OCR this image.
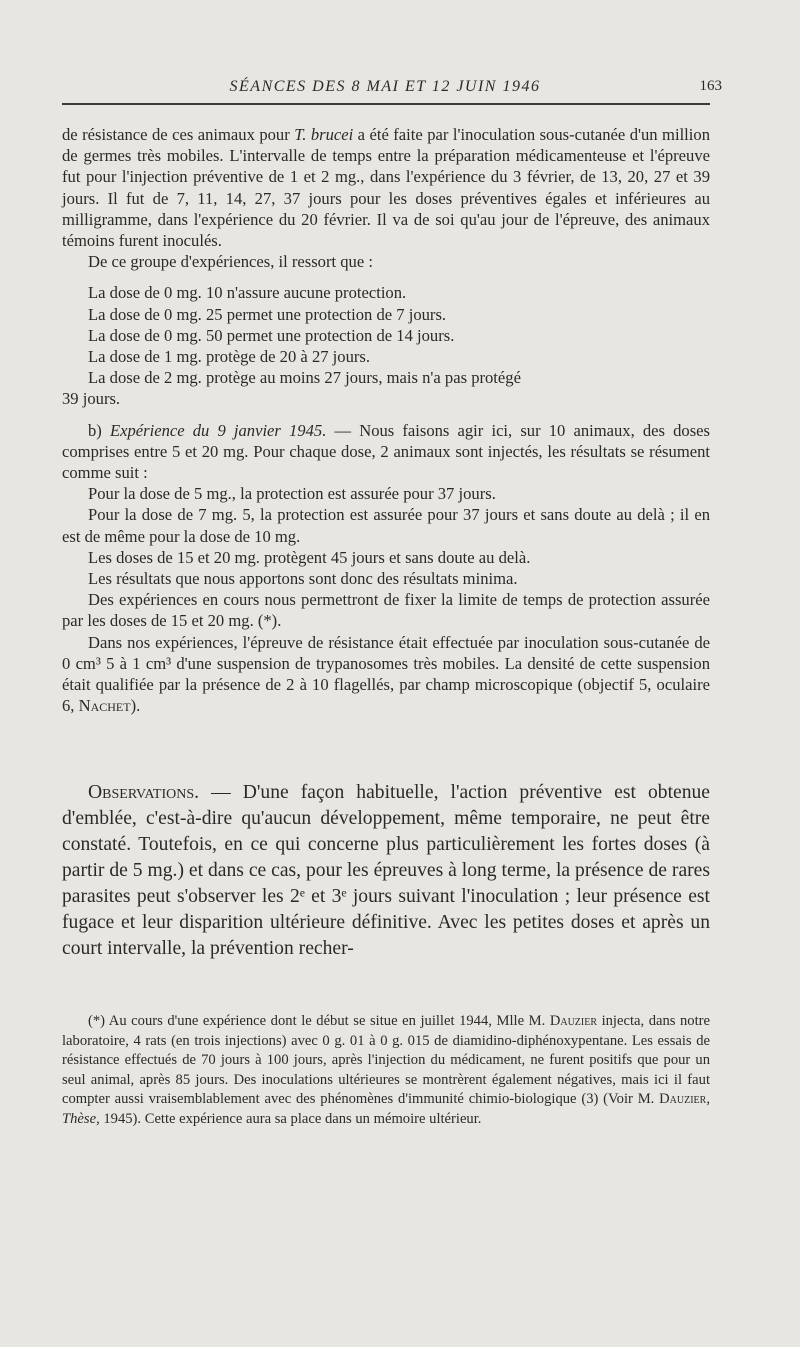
SÉANCES DES 8 MAI ET 12 JUIN 1946	163

de résistance de ces animaux pour T. brucei a été faite par l'inoculation sous-cutanée d'un million de germes très mobiles. L'intervalle de temps entre la préparation médicamenteuse et l'épreuve fut pour l'injection préventive de 1 et 2 mg., dans l'expérience du 3 février, de 13, 20, 27 et 39 jours. Il fut de 7, 11, 14, 27, 37 jours pour les doses préventives égales et inférieures au milligramme, dans l'expérience du 20 février. Il va de soi qu'au jour de l'épreuve, des animaux témoins furent inoculés.

De ce groupe d'expériences, il ressort que :

La dose de 0 mg. 10 n'assure aucune protection.
La dose de 0 mg. 25 permet une protection de 7 jours.
La dose de 0 mg. 50 permet une protection de 14 jours.
La dose de 1 mg. protège de 20 à 27 jours.
La dose de 2 mg. protège au moins 27 jours, mais n'a pas protégé
39 jours.

b) Expérience du 9 janvier 1945. — Nous faisons agir ici, sur 10 animaux, des doses comprises entre 5 et 20 mg. Pour chaque dose, 2 animaux sont injectés, les résultats se résument comme suit :

Pour la dose de 5 mg., la protection est assurée pour 37 jours.

Pour la dose de 7 mg. 5, la protection est assurée pour 37 jours et sans doute au delà ; il en est de même pour la dose de 10 mg.

Les doses de 15 et 20 mg. protègent 45 jours et sans doute au delà.

Les résultats que nous apportons sont donc des résultats minima.

Des expériences en cours nous permettront de fixer la limite de temps de protection assurée par les doses de 15 et 20 mg. (*).

Dans nos expériences, l'épreuve de résistance était effectuée par inoculation sous-cutanée de 0 cm³ 5 à 1 cm³ d'une suspension de trypanosomes très mobiles. La densité de cette suspension était qualifiée par la présence de 2 à 10 flagellés, par champ microscopique (objectif 5, oculaire 6, Nachet).

Observations. — D'une façon habituelle, l'action préventive est obtenue d'emblée, c'est-à-dire qu'aucun développement, même temporaire, ne peut être constaté. Toutefois, en ce qui concerne plus particulièrement les fortes doses (à partir de 5 mg.) et dans ce cas, pour les épreuves à long terme, la présence de rares parasites peut s'observer les 2ᵉ et 3ᵉ jours suivant l'inoculation ; leur présence est fugace et leur disparition ultérieure définitive. Avec les petites doses et après un court intervalle, la prévention recher-

(*) Au cours d'une expérience dont le début se situe en juillet 1944, Mlle M. Dauzier injecta, dans notre laboratoire, 4 rats (en trois injections) avec 0 g. 01 à 0 g. 015 de diamidino-diphénoxypentane. Les essais de résistance effectués de 70 jours à 100 jours, après l'injection du médicament, ne furent positifs que pour un seul animal, après 85 jours. Des inoculations ultérieures se montrèrent également négatives, mais ici il faut compter aussi vraisemblablement avec des phénomènes d'immunité chimio-biologique (3) (Voir M. Dauzier, Thèse, 1945). Cette expérience aura sa place dans un mémoire ultérieur.
